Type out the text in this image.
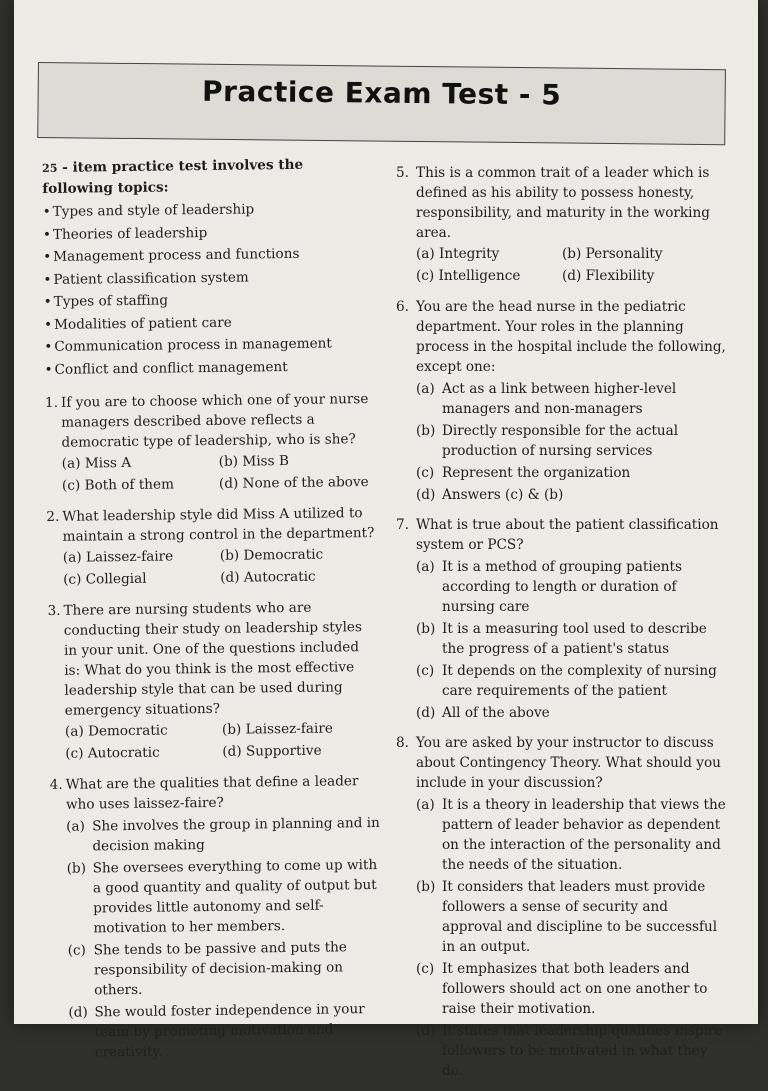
Practice Exam Test - 5
25 - item practice test involves the following topics:
• Types and style of leadership
• Theories of leadership
• Management process and functions
• Patient classification system
• Types of staffing
• Modalities of patient care
• Communication process in management
• Conflict and conflict management
1. If you are to choose which one of your nurse managers described above reflects a democratic type of leadership, who is she?
(a) Miss A	(b) Miss B
(c) Both of them	(d) None of the above
2. What leadership style did Miss A utilized to maintain a strong control in the department?
(a) Laissez-faire	(b) Democratic
(c) Collegial	(d) Autocratic
3. There are nursing students who are conducting their study on leadership styles in your unit. One of the questions included is: What do you think is the most effective leadership style that can be used during emergency situations?
(a) Democratic	(b) Laissez-faire
(c) Autocratic	(d) Supportive
4. What are the qualities that define a leader who uses laissez-faire?
(a) She involves the group in planning and in decision making
(b) She oversees everything to come up with a good quantity and quality of output but provides little autonomy and self-motivation to her members.
(c) She tends to be passive and puts the responsibility of decision-making on others.
(d) She would foster independence in your team by promoting motivation and creativity.
5. This is a common trait of a leader which is defined as his ability to possess honesty, responsibility, and maturity in the working area.
(a) Integrity	(b) Personality
(c) Intelligence	(d) Flexibility
6. You are the head nurse in the pediatric department. Your roles in the planning process in the hospital include the following, except one:
(a) Act as a link between higher-level managers and non-managers
(b) Directly responsible for the actual production of nursing services
(c) Represent the organization
(d) Answers (c) & (b)
7. What is true about the patient classification system or PCS?
(a) It is a method of grouping patients according to length or duration of nursing care
(b) It is a measuring tool used to describe the progress of a patient's status
(c) It depends on the complexity of nursing care requirements of the patient
(d) All of the above
8. You are asked by your instructor to discuss about Contingency Theory. What should you include in your discussion?
(a) It is a theory in leadership that views the pattern of leader behavior as dependent on the interaction of the personality and the needs of the situation.
(b) It considers that leaders must provide followers a sense of security and approval and discipline to be successful in an output.
(c) It emphasizes that both leaders and followers should act on one another to raise their motivation.
(d) It states that leadership qualities inspire followers to be motivated in what they do.
